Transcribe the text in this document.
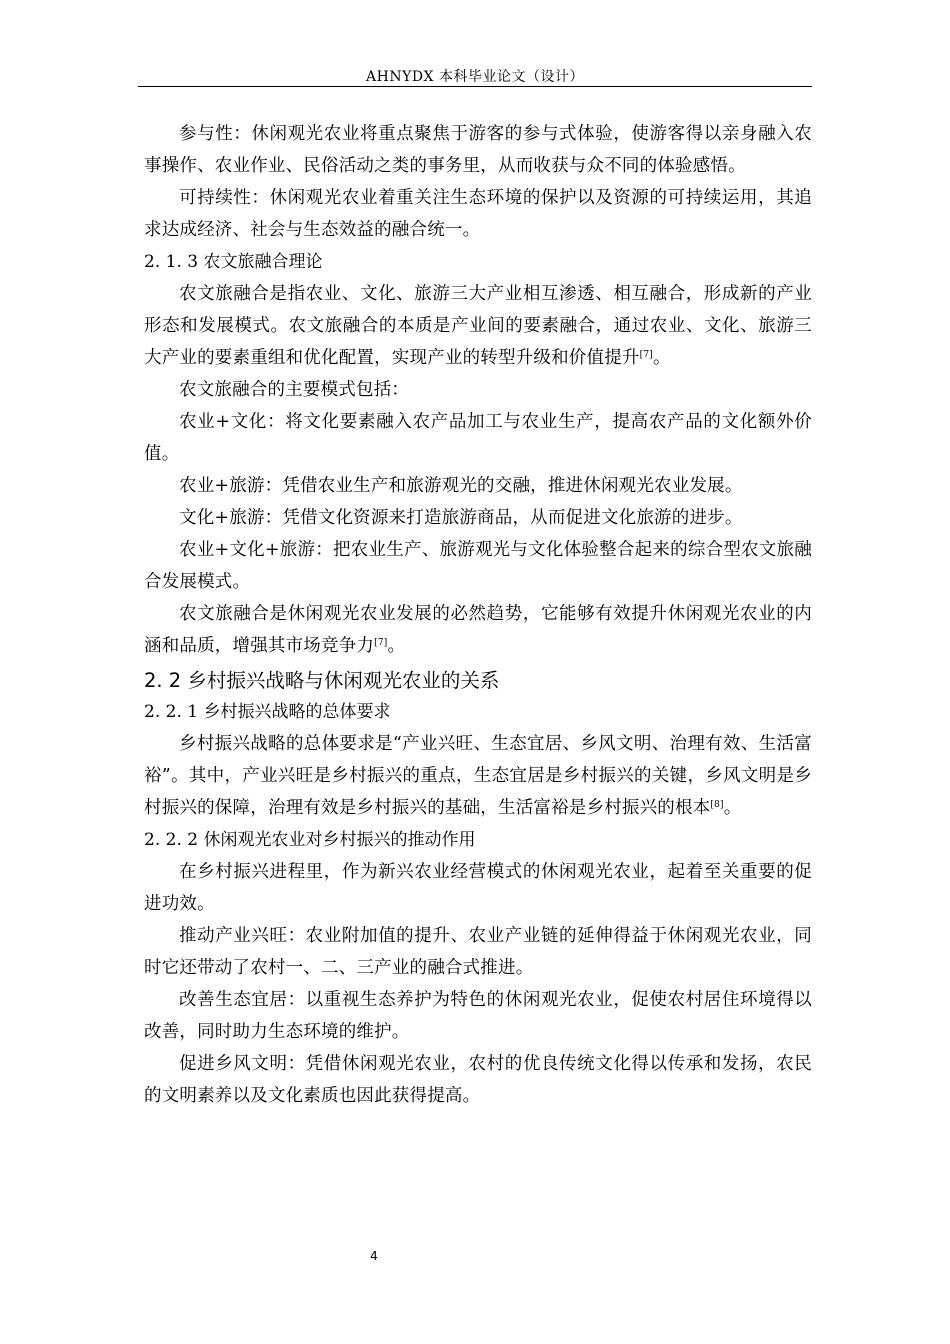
AHNYDX 本科毕业论文（设计）

参与性：休闲观光农业将重点聚焦于游客的参与式体验，使游客得以亲身融入农事操作、农业作业、民俗活动之类的事务里，从而收获与众不同的体验感悟。

可持续性：休闲观光农业着重关注生态环境的保护以及资源的可持续运用，其追求达成经济、社会与生态效益的融合统一。

2. 1. 3 农文旅融合理论

农文旅融合是指农业、文化、旅游三大产业相互渗透、相互融合，形成新的产业形态和发展模式。农文旅融合的本质是产业间的要素融合，通过农业、文化、旅游三大产业的要素重组和优化配置，实现产业的转型升级和价值提升[7]。

农文旅融合的主要模式包括：

农业+文化：将文化要素融入农产品加工与农业生产，提高农产品的文化额外价值。

农业+旅游：凭借农业生产和旅游观光的交融，推进休闲观光农业发展。

文化+旅游：凭借文化资源来打造旅游商品，从而促进文化旅游的进步。

农业+文化+旅游：把农业生产、旅游观光与文化体验整合起来的综合型农文旅融合发展模式。

农文旅融合是休闲观光农业发展的必然趋势，它能够有效提升休闲观光农业的内涵和品质，增强其市场竞争力[7]。

2. 2 乡村振兴战略与休闲观光农业的关系

2. 2. 1 乡村振兴战略的总体要求

乡村振兴战略的总体要求是“产业兴旺、生态宜居、乡风文明、治理有效、生活富裕”。其中，产业兴旺是乡村振兴的重点，生态宜居是乡村振兴的关键，乡风文明是乡村振兴的保障，治理有效是乡村振兴的基础，生活富裕是乡村振兴的根本[8]。

2. 2. 2 休闲观光农业对乡村振兴的推动作用

在乡村振兴进程里，作为新兴农业经营模式的休闲观光农业，起着至关重要的促进功效。

推动产业兴旺：农业附加值的提升、农业产业链的延伸得益于休闲观光农业，同时它还带动了农村一、二、三产业的融合式推进。

改善生态宜居：以重视生态养护为特色的休闲观光农业，促使农村居住环境得以改善，同时助力生态环境的维护。

促进乡风文明：凭借休闲观光农业，农村的优良传统文化得以传承和发扬，农民的文明素养以及文化素质也因此获得提高。

4
